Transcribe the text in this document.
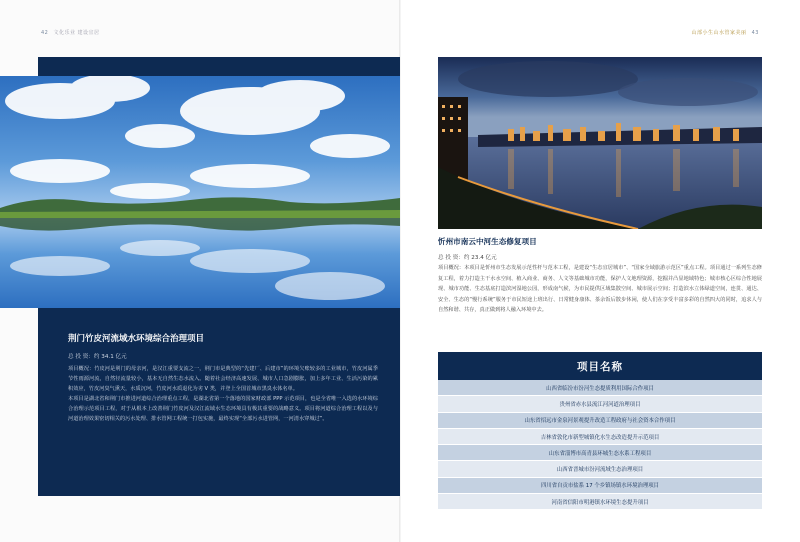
42 文化乐业 建设宜居	山部小生山水管家美丽 43
荆门竹皮河流域水环境综合治理项目
总 投 资：约 34.1 亿元

项目概况：竹皮河是荆门的母亲河，是汉江重要支流之一，荆门市是典型的“先建厂、后建市”的环境欠账较多的工业城市，竹皮河属季节性雨源河流，自然径流量较小，基本无自然生态水流入。随着社会经济高速发展、城市人口急剧膨胀，加上多年工业、生活污染的累积效应，竹皮河臭气熏天，水质沉珂，竹皮河水质退化为劣 V 类，并登上全国首城市黑臭水体名单。

本项目是湖北省和荆门市推进河道综合治理重点工程，是湖北省第一个落地的国家财政部 PPP 示范项目，也是全省唯一入选的水环境综合治理示范项目工程，对于从根本上改善荆门竹皮河及汉江流域水生态环境具有极其重要的战略意义。项目将河道综合治理工程以及与河道治理效果密切相关的污水处理、排水管网工程统一打包实施，最终实现“全部污水进管网，一河清水穿城过”。

忻州市南云中河生态修复项目
总 投 资：约 23.4 亿元
项目概况：本项目是忻州市生态发展示范性杆与范本工程，是建设“生态宜居城市”、“国家全域旅游示范区”重点工程。项目通过一系列生态修复工程，着力打造主干水水空间、植入商业、商务、人文等基础城市功能，保护人文地理资源，挖掘并凸显地域特色；城市核心区综合性地展现、城市功能、生态基底打造滨河湿地公园，形成南气候，为市民提供区域集散空间、城市展示空间；打造滨水立体绿道空间，连贯、通达、安全、生态的“慢行系统”服务于市民短途上班出行、日常健身康体、茶余饭后散步休闲，使人们在享受丰富多彩的自然四大的同时，追求人与自然和谐、共存，真正做到将人融入环境中去。
项目名称
山西省临汾市汾河生态提质利用国际合作项目
贵州省赤水县流江河河道治理项目
山东省招远市金泉河景观提升改造工程政府与社会资本合作项目
吉林省敦化市新型城镇化水生态改造提升示范项目
山东省淄博市高青县环城生态水系工程项目
山西省晋城市汾河流域生态治理项目
四川省自贡市盐系 17 个乡镇场镇水环境治理项目
河南省信阳市明港镇水环境生态提升项目
